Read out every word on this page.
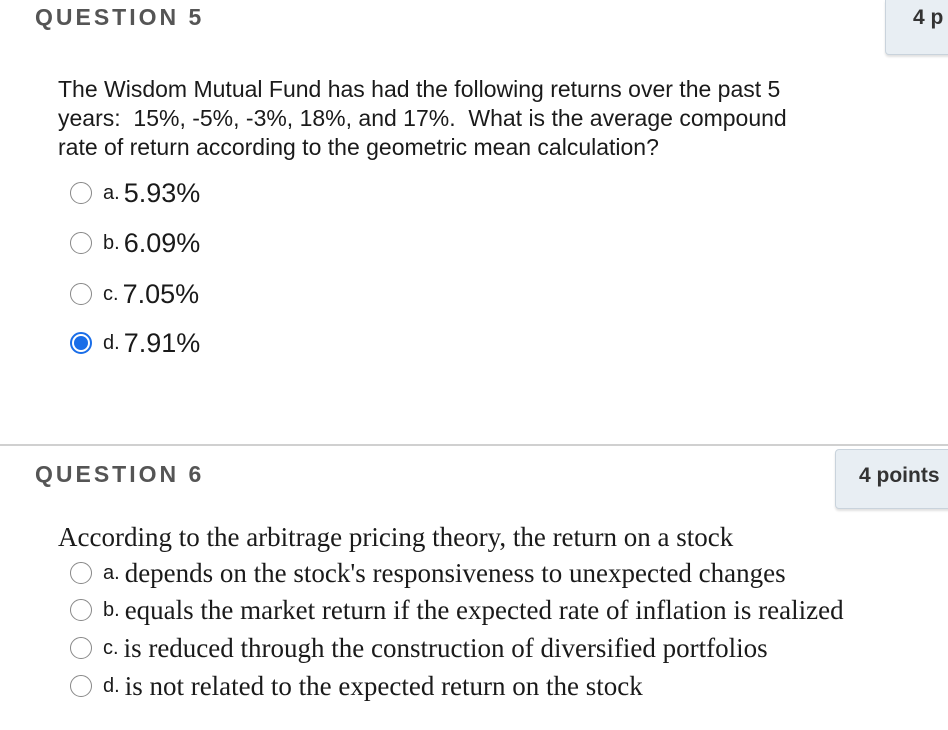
QUESTION 5	4 p
The Wisdom Mutual Fund has had the following returns over the past 5
years:  15%, -5%, -3%, 18%, and 17%.  What is the average compound
rate of return according to the geometric mean calculation?
a. 5.93%
b. 6.09%
c. 7.05%
d. 7.91%
QUESTION 6	4 points
According to the arbitrage pricing theory, the return on a stock
a. depends on the stock's responsiveness to unexpected changes
b. equals the market return if the expected rate of inflation is realized
c. is reduced through the construction of diversified portfolios
d. is not related to the expected return on the stock
